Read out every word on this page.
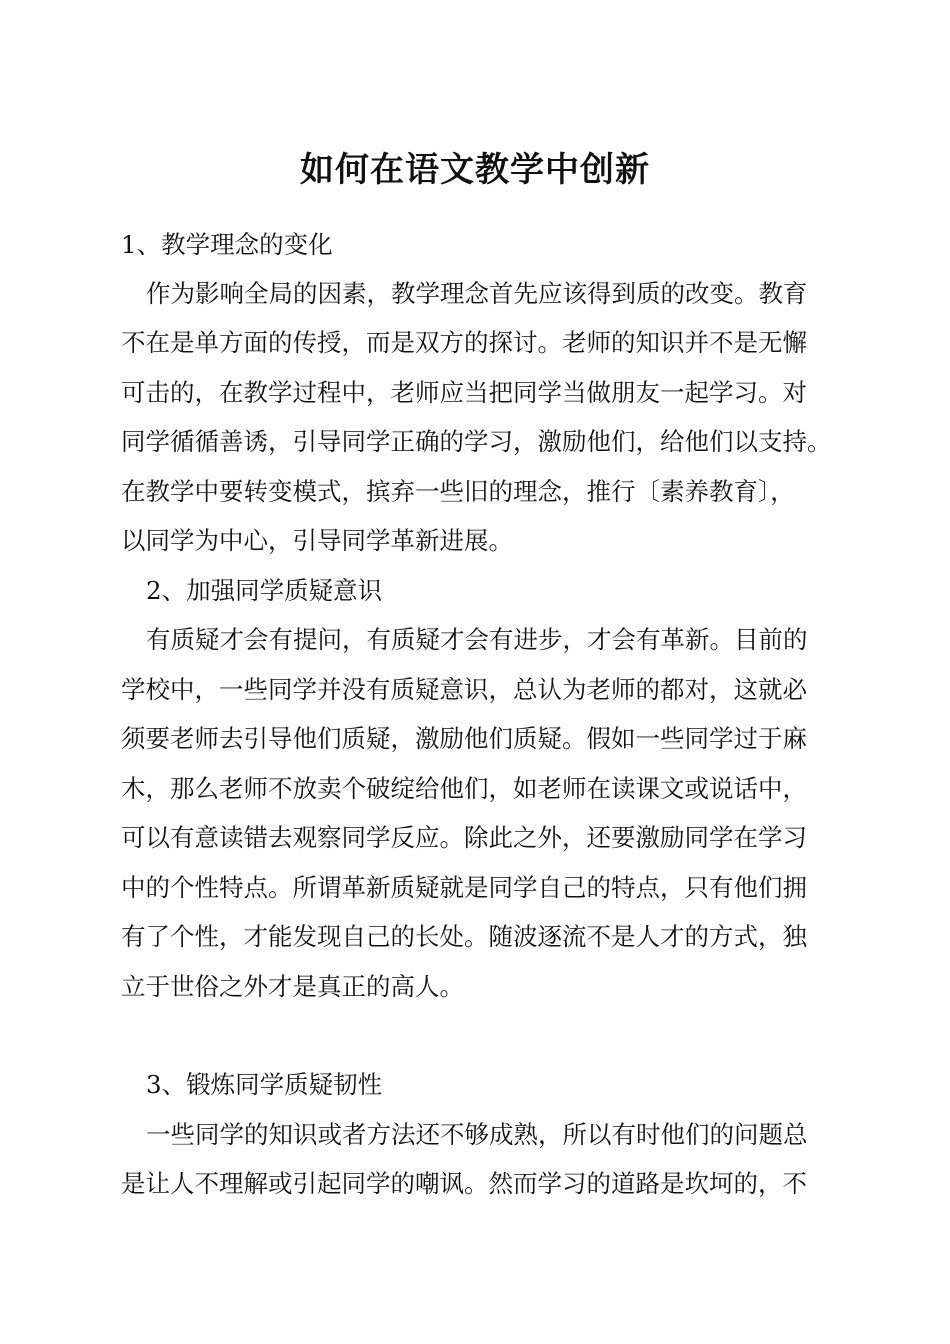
如何在语文教学中创新
1、教学理念的变化
作为影响全局的因素，教学理念首先应该得到质的改变。教育
不在是单方面的传授，而是双方的探讨。老师的知识并不是无懈
可击的，在教学过程中，老师应当把同学当做朋友一起学习。对
同学循循善诱，引导同学正确的学习，激励他们，给他们以支持。
在教学中要转变模式，摈弃一些旧的理念，推行〔素养教育〕，
以同学为中心，引导同学革新进展。
2、加强同学质疑意识
有质疑才会有提问，有质疑才会有进步，才会有革新。目前的
学校中，一些同学并没有质疑意识，总认为老师的都对，这就必
须要老师去引导他们质疑，激励他们质疑。假如一些同学过于麻
木，那么老师不放卖个破绽给他们，如老师在读课文或说话中，
可以有意读错去观察同学反应。除此之外，还要激励同学在学习
中的个性特点。所谓革新质疑就是同学自己的特点，只有他们拥
有了个性，才能发现自己的长处。随波逐流不是人才的方式，独
立于世俗之外才是真正的高人。
3、锻炼同学质疑韧性
一些同学的知识或者方法还不够成熟，所以有时他们的问题总
是让人不理解或引起同学的嘲讽。然而学习的道路是坎坷的，不
